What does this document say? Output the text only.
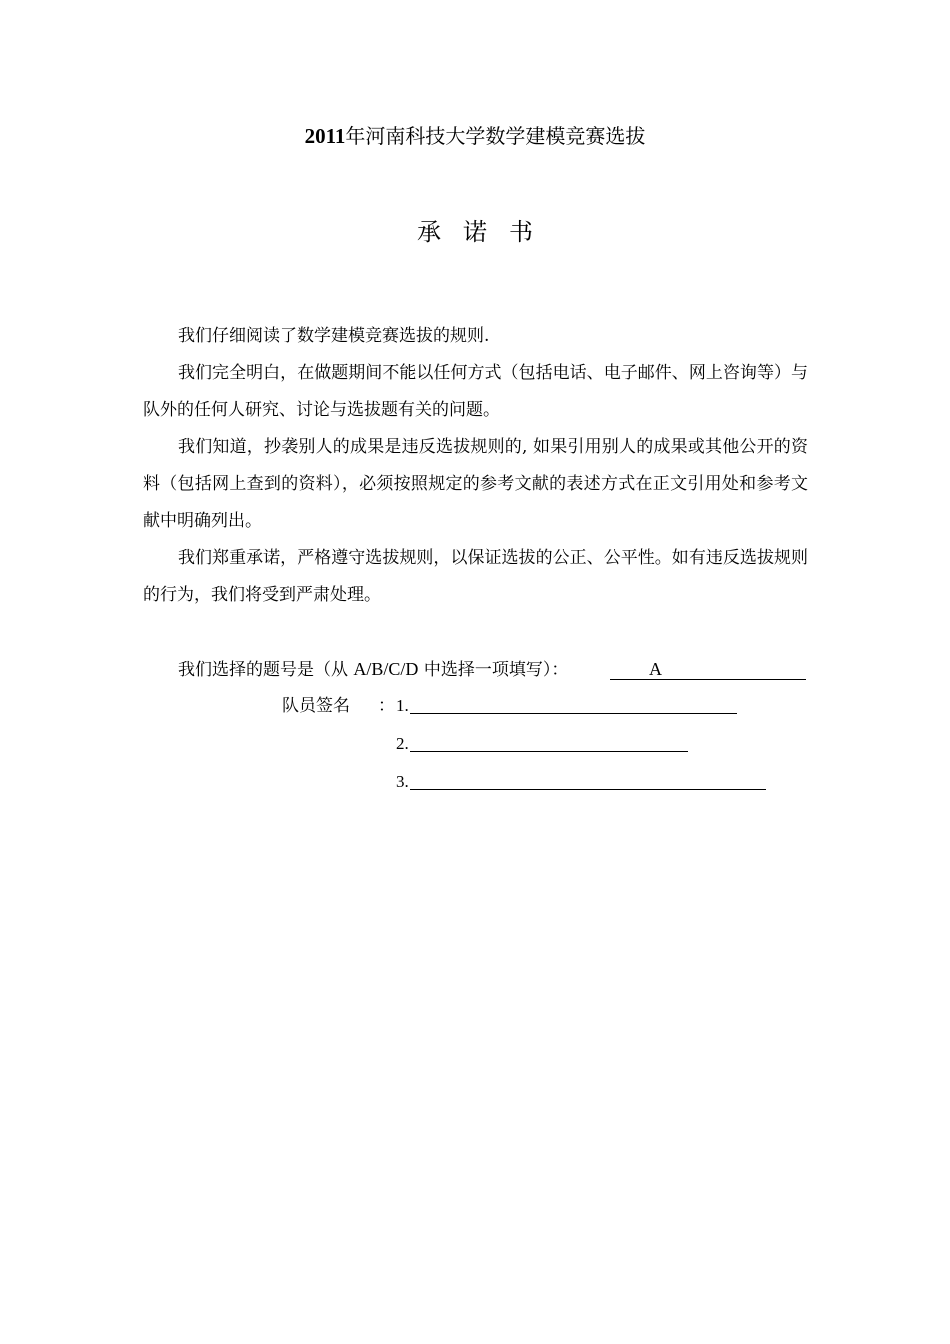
2011年河南科技大学数学建模竞赛选拔
承诺书

我们仔细阅读了数学建模竞赛选拔的规则.

我们完全明白，在做题期间不能以任何方式（包括电话、电子邮件、网上咨询等）与队外的任何人研究、讨论与选拔题有关的问题。

我们知道，抄袭别人的成果是违反选拔规则的, 如果引用别人的成果或其他公开的资料（包括网上查到的资料），必须按照规定的参考文献的表述方式在正文引用处和参考文献中明确列出。

我们郑重承诺，严格遵守选拔规则，以保证选拔的公正、公平性。如有违反选拔规则的行为，我们将受到严肃处理。

我们选择的题号是（从 A/B/C/D 中选择一项填写）：	A
队员签名 ： 1.
2.
3.
